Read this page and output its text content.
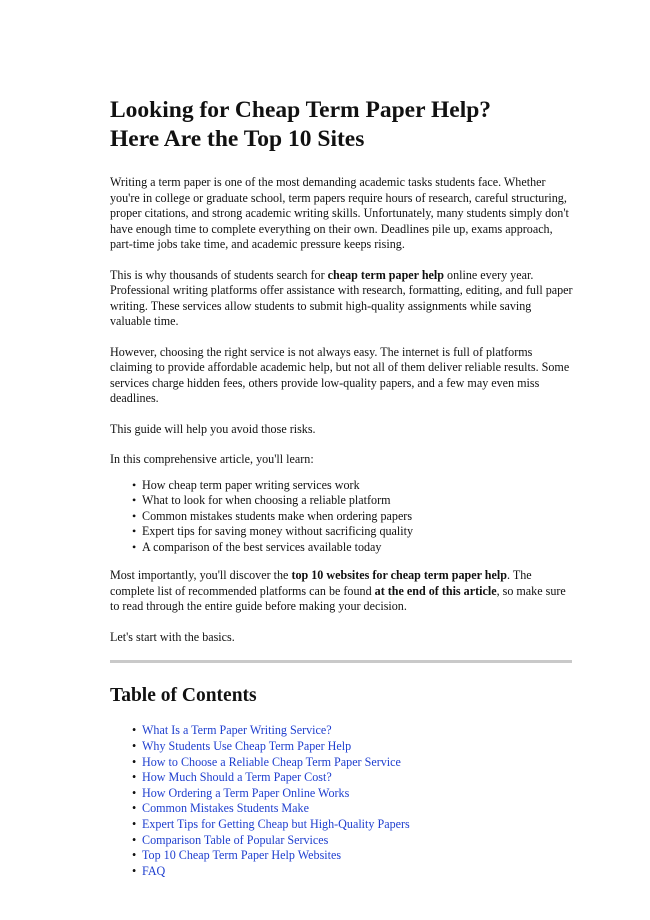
Looking for Cheap Term Paper Help?
Here Are the Top 10 Sites

Writing a term paper is one of the most demanding academic tasks students face. Whether you're in college or graduate school, term papers require hours of research, careful structuring, proper citations, and strong academic writing skills. Unfortunately, many students simply don't have enough time to complete everything on their own. Deadlines pile up, exams approach, part-time jobs take time, and academic pressure keeps rising.

This is why thousands of students search for cheap term paper help online every year. Professional writing platforms offer assistance with research, formatting, editing, and full paper writing. These services allow students to submit high-quality assignments while saving valuable time.

However, choosing the right service is not always easy. The internet is full of platforms claiming to provide affordable academic help, but not all of them deliver reliable results. Some services charge hidden fees, others provide low-quality papers, and a few may even miss deadlines.

This guide will help you avoid those risks.

In this comprehensive article, you'll learn:

• How cheap term paper writing services work
• What to look for when choosing a reliable platform
• Common mistakes students make when ordering papers
• Expert tips for saving money without sacrificing quality
• A comparison of the best services available today

Most importantly, you'll discover the top 10 websites for cheap term paper help. The complete list of recommended platforms can be found at the end of this article, so make sure to read through the entire guide before making your decision.

Let's start with the basics.

Table of Contents
• What Is a Term Paper Writing Service?
• Why Students Use Cheap Term Paper Help
• How to Choose a Reliable Cheap Term Paper Service
• How Much Should a Term Paper Cost?
• How Ordering a Term Paper Online Works
• Common Mistakes Students Make
• Expert Tips for Getting Cheap but High-Quality Papers
• Comparison Table of Popular Services
• Top 10 Cheap Term Paper Help Websites
• FAQ
